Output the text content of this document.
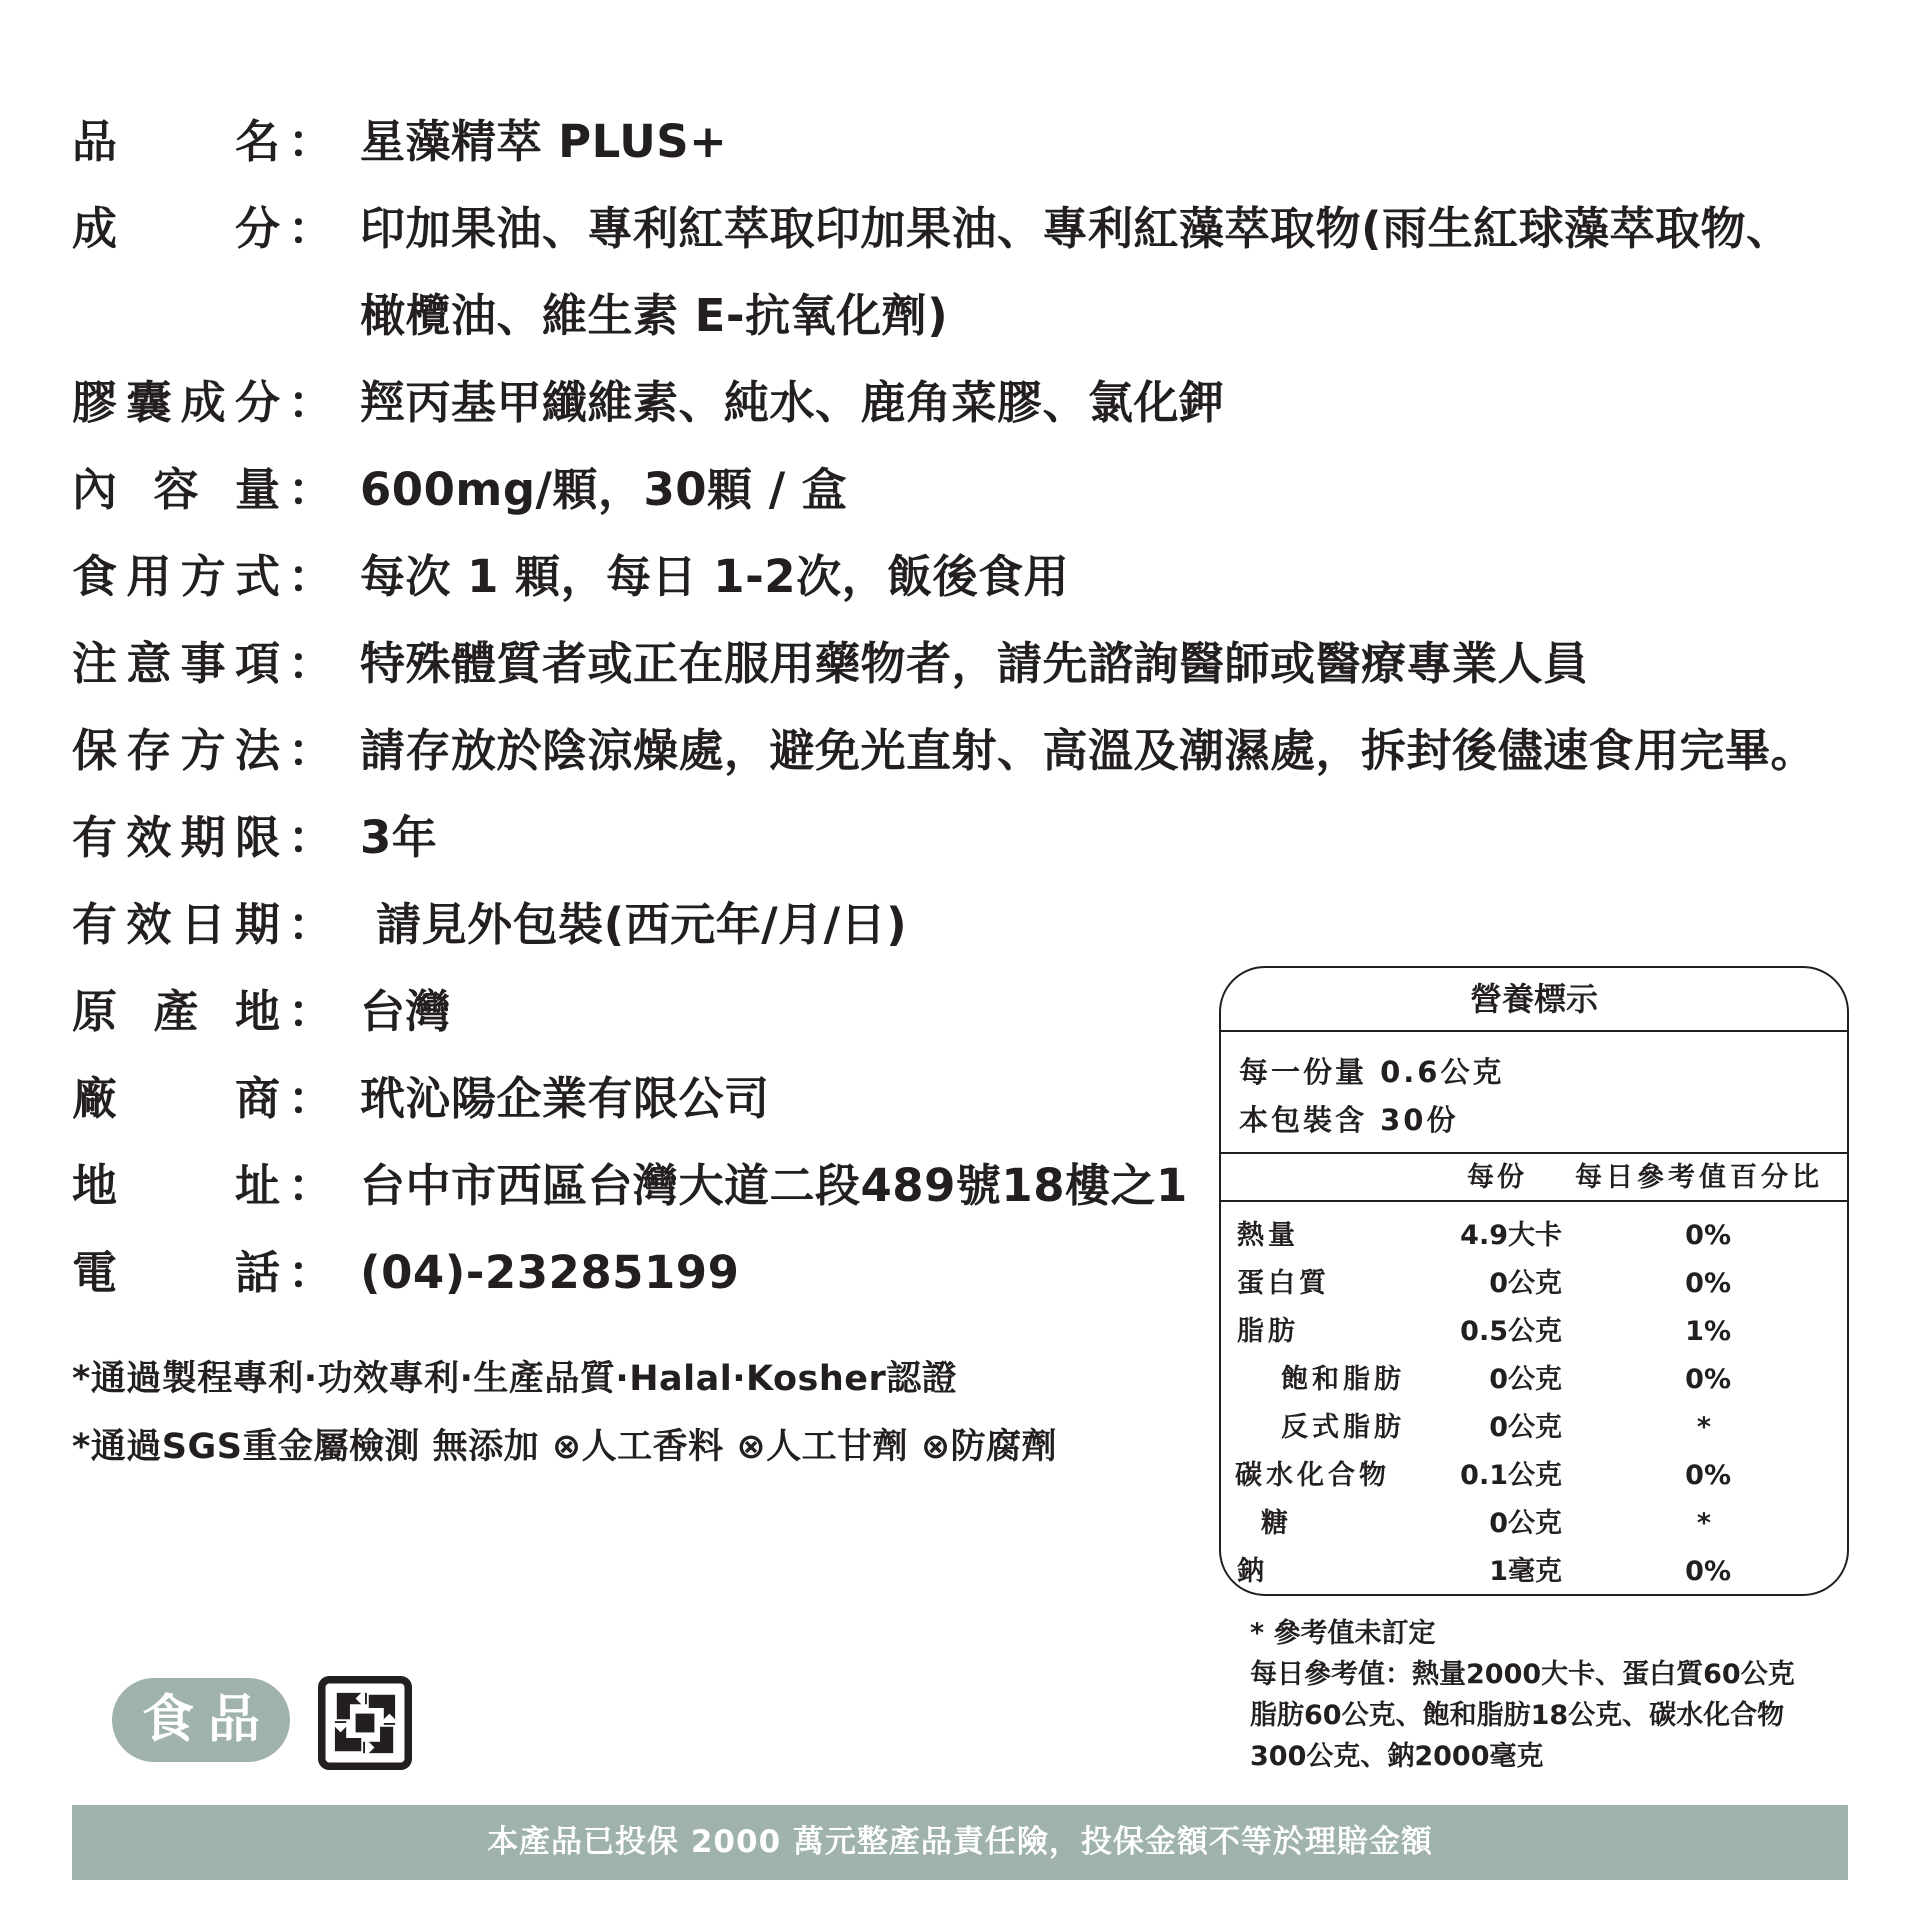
品名 ： 星藻精萃 PLUS+
成分 ： 印加果油、專利紅萃取印加果油、專利紅藻萃取物(雨生紅球藻萃取物、
橄欖油、維生素 E-抗氧化劑)
膠囊成分 ： 羥丙基甲纖維素、純水、鹿角菜膠、氯化鉀
內容量 ： 600mg/顆，30顆 / 盒
食用方式 ： 每次 1 顆，每日 1-2次，飯後食用
注意事項 ： 特殊體質者或正在服用藥物者，請先諮詢醫師或醫療專業人員
保存方法 ： 請存放於陰涼燥處，避免光直射、高溫及潮濕處，拆封後儘速食用完畢。
有效期限 ： 3年
有效日期 ： 請見外包裝(西元年/月/日)
原產地 ： 台灣
廠商 ： 玳沁陽企業有限公司
地址 ： 台中市西區台灣大道二段489號18樓之1
電話 ： (04)-23285199
*通過製程專利·功效專利·生產品質·Halal·Kosher認證
*通過SGS重金屬檢測 無添加 ⊗人工香料 ⊗人工甘劑 ⊗防腐劑
食品
營養標示
每一份量 0.6公克
本包裝含 30份
每份 每日參考值百分比
熱量	4.9大卡	0%
蛋白質	0公克	0%
脂肪	0.5公克	1%
飽和脂肪	0公克	0%
反式脂肪	0公克	*
碳水化合物	0.1公克	0%
糖	0公克	*
鈉	1毫克	0%
* 參考值未訂定
每日參考值：熱量2000大卡、蛋白質60公克
脂肪60公克、飽和脂肪18公克、碳水化合物
300公克、鈉2000毫克
本產品已投保 2000 萬元整產品責任險，投保金額不等於理賠金額
